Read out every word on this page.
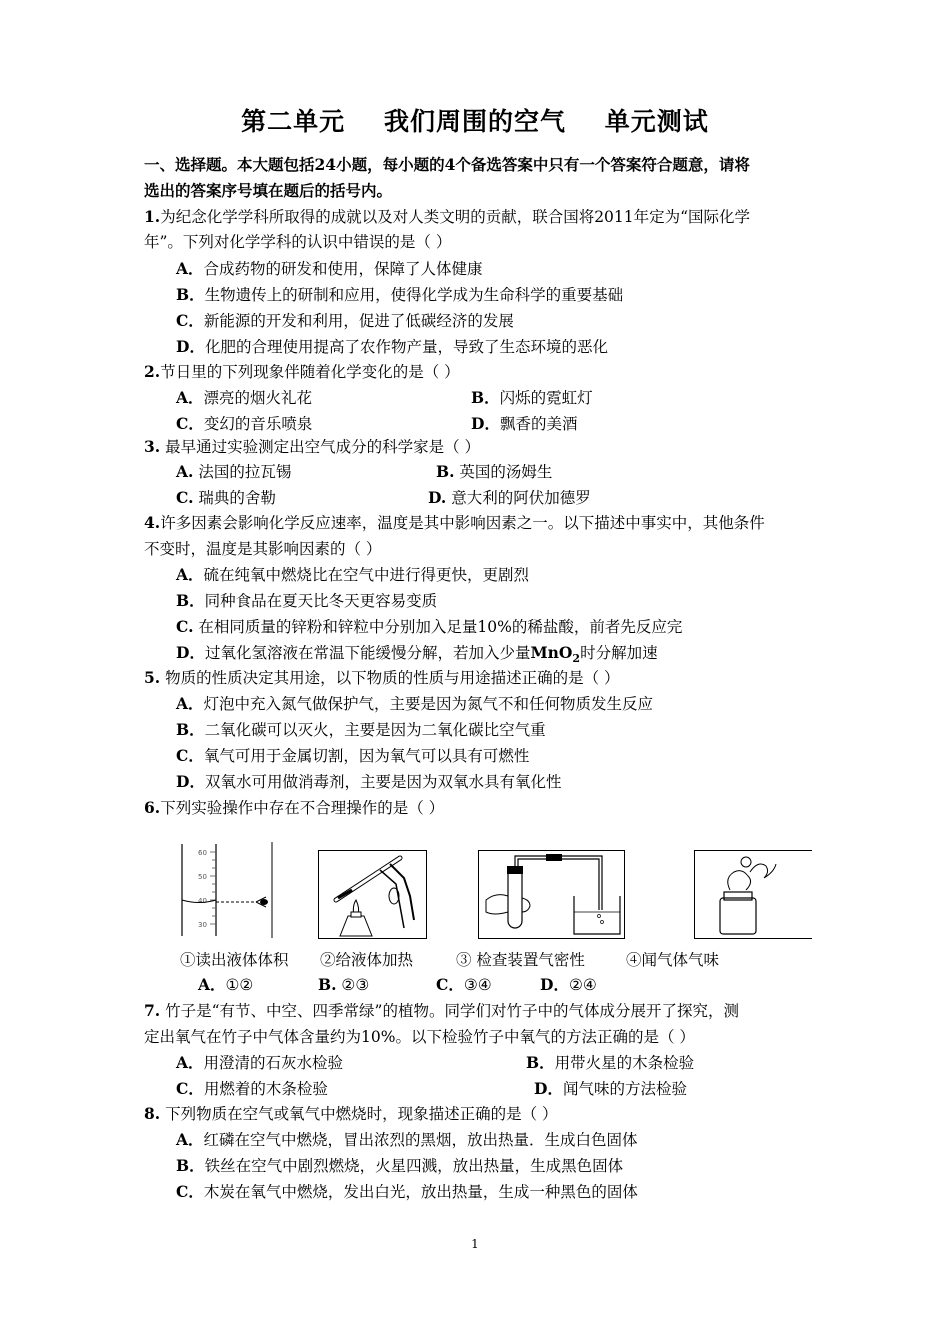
第二单元    我们周围的空气    单元测试
一、选择题。本大题包括24小题，每小题的4个备选答案中只有一个答案符合题意，请将
选出的答案序号填在题后的括号内。
1.为纪念化学学科所取得的成就以及对人类文明的贡献，联合国将2011年定为“国际化学
年”。下列对化学学科的认识中错误的是（ ）
A．合成药物的研发和使用，保障了人体健康
B．生物遗传上的研制和应用，使得化学成为生命科学的重要基础
C．新能源的开发和利用，促进了低碳经济的发展
D．化肥的合理使用提高了农作物产量，导致了生态环境的恶化
2.节日里的下列现象伴随着化学变化的是（ ）
A．漂亮的烟火礼花	B．闪烁的霓虹灯
C．变幻的音乐喷泉	D．飘香的美酒
3. 最早通过实验测定出空气成分的科学家是（ ）
A. 法国的拉瓦锡	B. 英国的汤姆生
C. 瑞典的舍勒	D. 意大利的阿伏加德罗
4.许多因素会影响化学反应速率，温度是其中影响因素之一。以下描述中事实中，其他条件
不变时，温度是其影响因素的（ ）
A．硫在纯氧中燃烧比在空气中进行得更快，更剧烈
B．同种食品在夏天比冬天更容易变质
C. 在相同质量的锌粉和锌粒中分别加入足量10%的稀盐酸，前者先反应完
D．过氧化氢溶液在常温下能缓慢分解，若加入少量MnO$_2$时分解加速
5. 物质的性质决定其用途，以下物质的性质与用途描述正确的是（ ）
A．灯泡中充入氮气做保护气，主要是因为氮气不和任何物质发生反应
B．二氧化碳可以灭火，主要是因为二氧化碳比空气重
C．氧气可用于金属切割，因为氧气可以具有可燃性
D．双氧水可用做消毒剂，主要是因为双氧水具有氧化性
6.下列实验操作中存在不合理操作的是（ ）
60
50
40
30
①读出液体体积 ②给液体加热	③ 检查装置气密性	④闻气体气味
A．①②	B. ②③	C．③④	D．②④
7. 竹子是“有节、中空、四季常绿”的植物。同学们对竹子中的气体成分展开了探究，测
定出氧气在竹子中气体含量约为10%。以下检验竹子中氧气的方法正确的是（ ）
A．用澄清的石灰水检验	B．用带火星的木条检验
C．用燃着的木条检验	D．闻气味的方法检验
8. 下列物质在空气或氧气中燃烧时，现象描述正确的是（ ）
A．红磷在空气中燃烧，冒出浓烈的黑烟，放出热量．生成白色固体
B．铁丝在空气中剧烈燃烧，火星四溅，放出热量，生成黑色固体
C．木炭在氧气中燃烧，发出白光，放出热量，生成一种黑色的固体
1
